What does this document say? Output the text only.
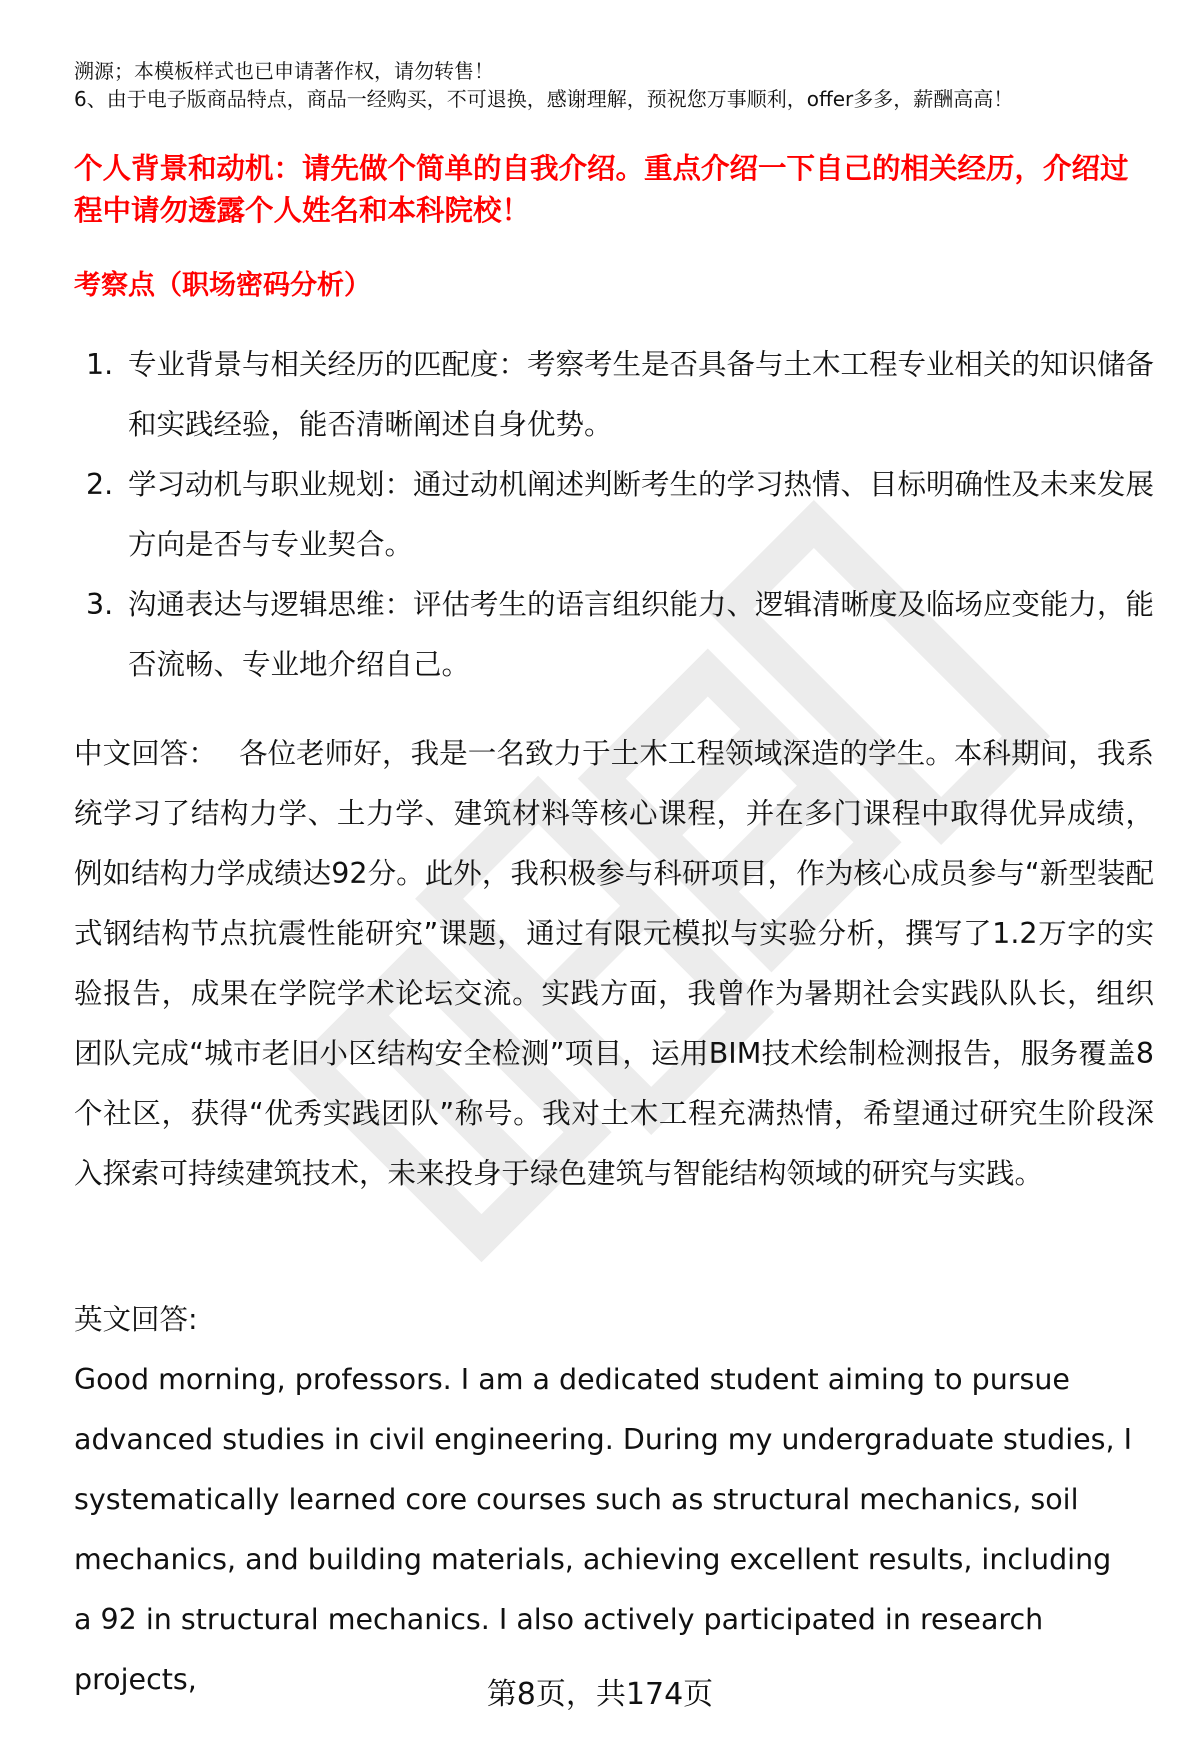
溯源；本模板样式也已申请著作权，请勿转售！
6、由于电子版商品特点，商品一经购买，不可退换，感谢理解，预祝您万事顺利，offer多多，薪酬高高！
个人背景和动机：请先做个简单的自我介绍。重点介绍一下自己的相关经历，介绍过程中请勿透露个人姓名和本科院校！
考察点（职场密码分析）
1. 专业背景与相关经历的匹配度：考察考生是否具备与土木工程专业相关的知识储备和实践经验，能否清晰阐述自身优势。
2. 学习动机与职业规划：通过动机阐述判断考生的学习热情、目标明确性及未来发展方向是否与专业契合。
3. 沟通表达与逻辑思维：评估考生的语言组织能力、逻辑清晰度及临场应变能力，能否流畅、专业地介绍自己。
中文回答： 各位老师好，我是一名致力于土木工程领域深造的学生。本科期间，我系统学习了结构力学、土力学、建筑材料等核心课程，并在多门课程中取得优异成绩，例如结构力学成绩达92分。此外，我积极参与科研项目，作为核心成员参与“新型装配式钢结构节点抗震性能研究”课题，通过有限元模拟与实验分析，撰写了1.2万字的实验报告，成果在学院学术论坛交流。实践方面，我曾作为暑期社会实践队队长，组织团队完成“城市老旧小区结构安全检测”项目，运用BIM技术绘制检测报告，服务覆盖8个社区，获得“优秀实践团队”称号。我对土木工程充满热情，希望通过研究生阶段深入探索可持续建筑技术，未来投身于绿色建筑与智能结构领域的研究与实践。
英文回答:
Good morning, professors. I am a dedicated student aiming to pursue advanced studies in civil engineering. During my undergraduate studies, I systematically learned core courses such as structural mechanics, soil mechanics, and building materials, achieving excellent results, including a 92 in structural mechanics. I also actively participated in research projects,	第8页，共174页
